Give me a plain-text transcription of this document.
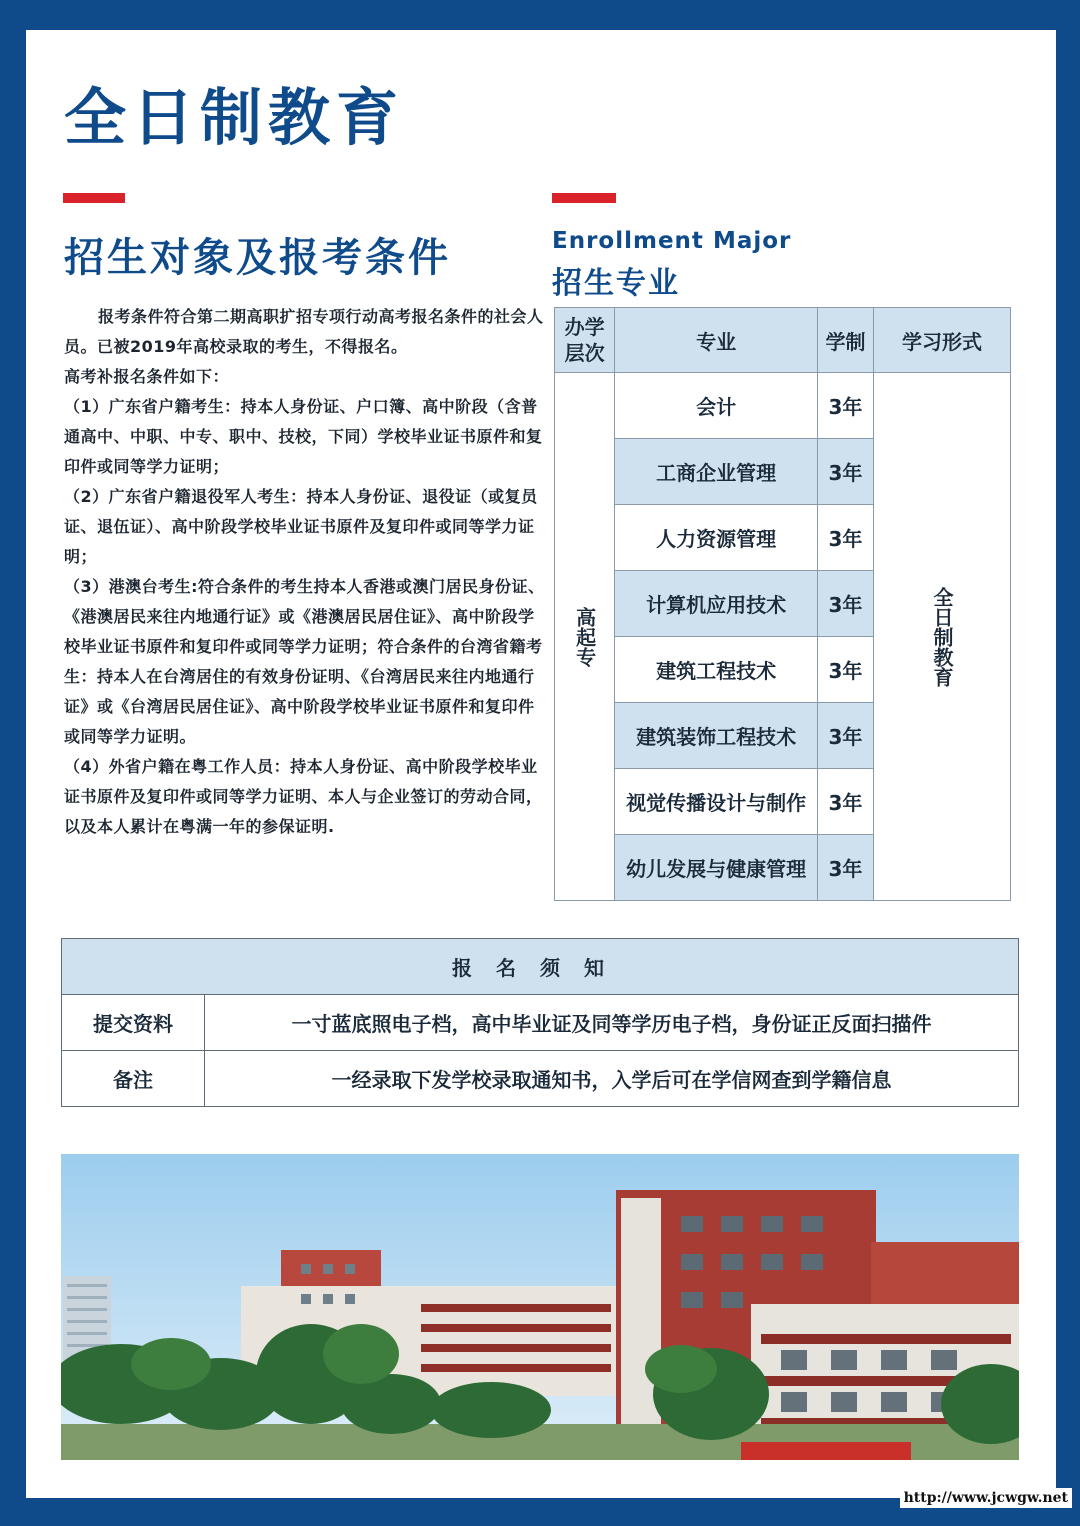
全日制教育
招生对象及报考条件	Enrollment Major
招生专业

报考条件符合第二期高职扩招专项行动高考报名条件的社会人员。已被2019年高校录取的考生，不得报名。

高考补报名条件如下：

（1）广东省户籍考生：持本人身份证、户口簿、高中阶段（含普通高中、中职、中专、职中、技校，下同）学校毕业证书原件和复印件或同等学力证明；

（2）广东省户籍退役军人考生：持本人身份证、退役证（或复员证、退伍证）、高中阶段学校毕业证书原件及复印件或同等学力证明；

（3）港澳台考生:符合条件的考生持本人香港或澳门居民身份证、《港澳居民来往内地通行证》或《港澳居民居住证》、高中阶段学校毕业证书原件和复印件或同等学力证明；符合条件的台湾省籍考生：持本人在台湾居住的有效身份证明、《台湾居民来往内地通行证》或《台湾居民居住证》、高中阶段学校毕业证书原件和复印件或同等学力证明。

（4）外省户籍在粤工作人员：持本人身份证、高中阶段学校毕业证书原件及复印件或同等学力证明、本人与企业签订的劳动合同，以及本人累计在粤满一年的参保证明.

办学层次	专业	学制	学习形式
高起专	会计	3年	全日制教育
	工商企业管理	3年	
	人力资源管理	3年	
	计算机应用技术	3年	
	建筑工程技术	3年	
	建筑装饰工程技术	3年	
	视觉传播设计与制作	3年	
	幼儿发展与健康管理	3年	
报名须知	
提交资料	一寸蓝底照电子档，高中毕业证及同等学历电子档，身份证正反面扫描件
备注	一经录取下发学校录取通知书，入学后可在学信网查到学籍信息
http://www.jcwgw.net
